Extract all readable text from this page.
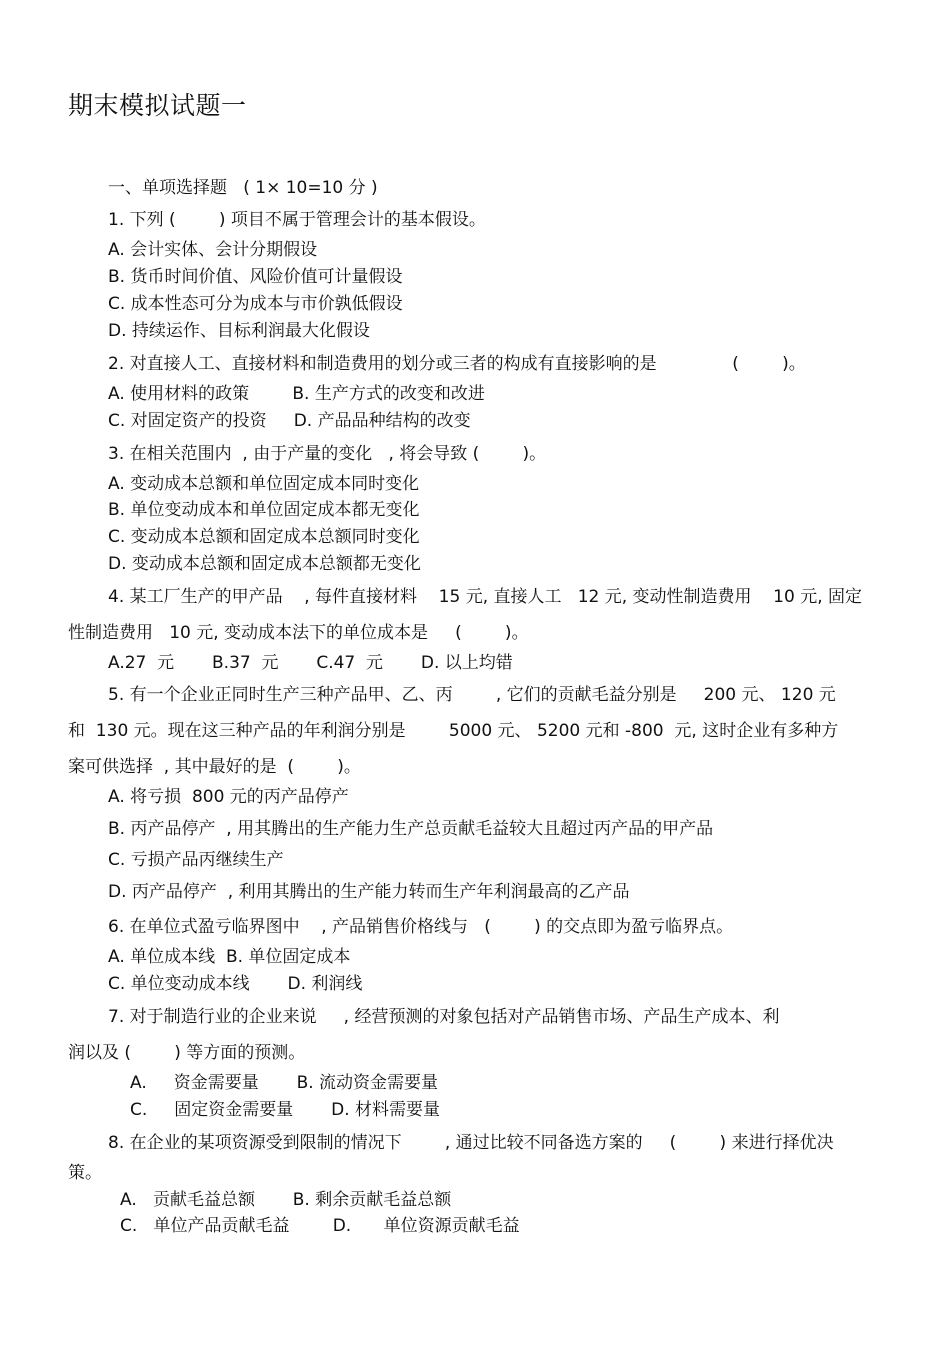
期末模拟试题一
一、单项选择题   ( 1× 10=10 分 )
1. 下列 (        ) 项目不属于管理会计的基本假设。
A. 会计实体、会计分期假设
B. 货币时间价值、风险价值可计量假设
C. 成本性态可分为成本与市价孰低假设
D. 持续运作、目标利润最大化假设
2. 对直接人工、直接材料和制造费用的划分或三者的构成有直接影响的是              (        )。
A. 使用材料的政策        B. 生产方式的改变和改进
C. 对固定资产的投资     D. 产品品种结构的改变
3. 在相关范围内  , 由于产量的变化   , 将会导致 (        )。
A. 变动成本总额和单位固定成本同时变化
B. 单位变动成本和单位固定成本都无变化
C. 变动成本总额和固定成本总额同时变化
D. 变动成本总额和固定成本总额都无变化
4. 某工厂生产的甲产品    , 每件直接材料    15 元, 直接人工   12 元, 变动性制造费用    10 元, 固定
性制造费用   10 元, 变动成本法下的单位成本是     (        )。
A.27  元       B.37  元       C.47  元       D. 以上均错
5. 有一个企业正同时生产三种产品甲、乙、丙        , 它们的贡献毛益分别是     200 元、 120 元
和  130 元。现在这三种产品的年利润分别是        5000 元、 5200 元和 -800  元, 这时企业有多种方
案可供选择  , 其中最好的是  (        )。
A. 将亏损  800 元的丙产品停产
B. 丙产品停产  , 用其腾出的生产能力生产总贡献毛益较大且超过丙产品的甲产品
C. 亏损产品丙继续生产
D. 丙产品停产  , 利用其腾出的生产能力转而生产年利润最高的乙产品
6. 在单位式盈亏临界图中    , 产品销售价格线与   (        ) 的交点即为盈亏临界点。
A. 单位成本线  B. 单位固定成本
C. 单位变动成本线       D. 利润线
7. 对于制造行业的企业来说     , 经营预测的对象包括对产品销售市场、产品生产成本、利
润以及 (        ) 等方面的预测。
A.     资金需要量       B. 流动资金需要量
C.     固定资金需要量       D. 材料需要量
8. 在企业的某项资源受到限制的情况下        , 通过比较不同备选方案的     (        ) 来进行择优决
策。
A.   贡献毛益总额       B. 剩余贡献毛益总额
C.   单位产品贡献毛益        D.      单位资源贡献毛益
